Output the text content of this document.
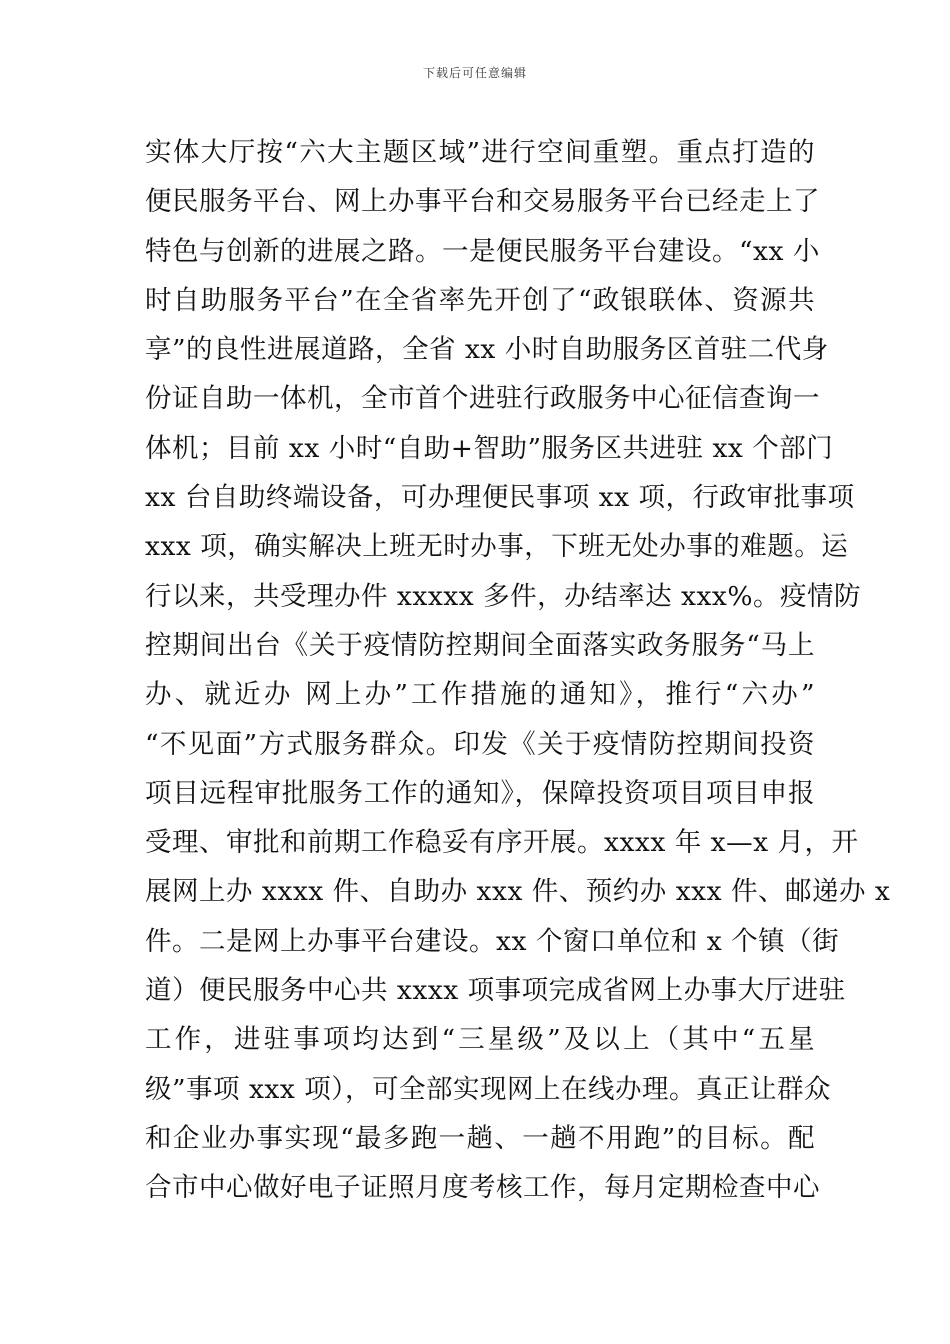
下载后可任意编辑
实体大厅按“六大主题区域”进行空间重塑。重点打造的
便民服务平台、网上办事平台和交易服务平台已经走上了
特色与创新的进展之路。一是便民服务平台建设。“xx 小
时自助服务平台”在全省率先开创了“政银联体、资源共
享”的良性进展道路，全省 xx 小时自助服务区首驻二代身
份证自助一体机，全市首个进驻行政服务中心征信查询一
体机；目前 xx 小时“自助+智助”服务区共进驻 xx 个部门
xx 台自助终端设备，可办理便民事项 xx 项，行政审批事项
xxx 项，确实解决上班无时办事，下班无处办事的难题。运
行以来，共受理办件 xxxxx 多件，办结率达 xxx%。疫情防
控期间出台《关于疫情防控期间全面落实政务服务“马上
办、就近办 网上办”工作措施的通知》，推行“六办”
“不见面”方式服务群众。印发《关于疫情防控期间投资
项目远程审批服务工作的通知》，保障投资项目项目申报
受理、审批和前期工作稳妥有序开展。xxxx 年 x—x 月，开
展网上办 xxxx 件、自助办 xxx 件、预约办 xxx 件、邮递办 x
件。二是网上办事平台建设。xx 个窗口单位和 x 个镇（街
道）便民服务中心共 xxxx 项事项完成省网上办事大厅进驻
工作，进驻事项均达到“三星级”及以上（其中“五星
级”事项 xxx 项），可全部实现网上在线办理。真正让群众
和企业办事实现“最多跑一趟、一趟不用跑”的目标。配
合市中心做好电子证照月度考核工作，每月定期检查中心
